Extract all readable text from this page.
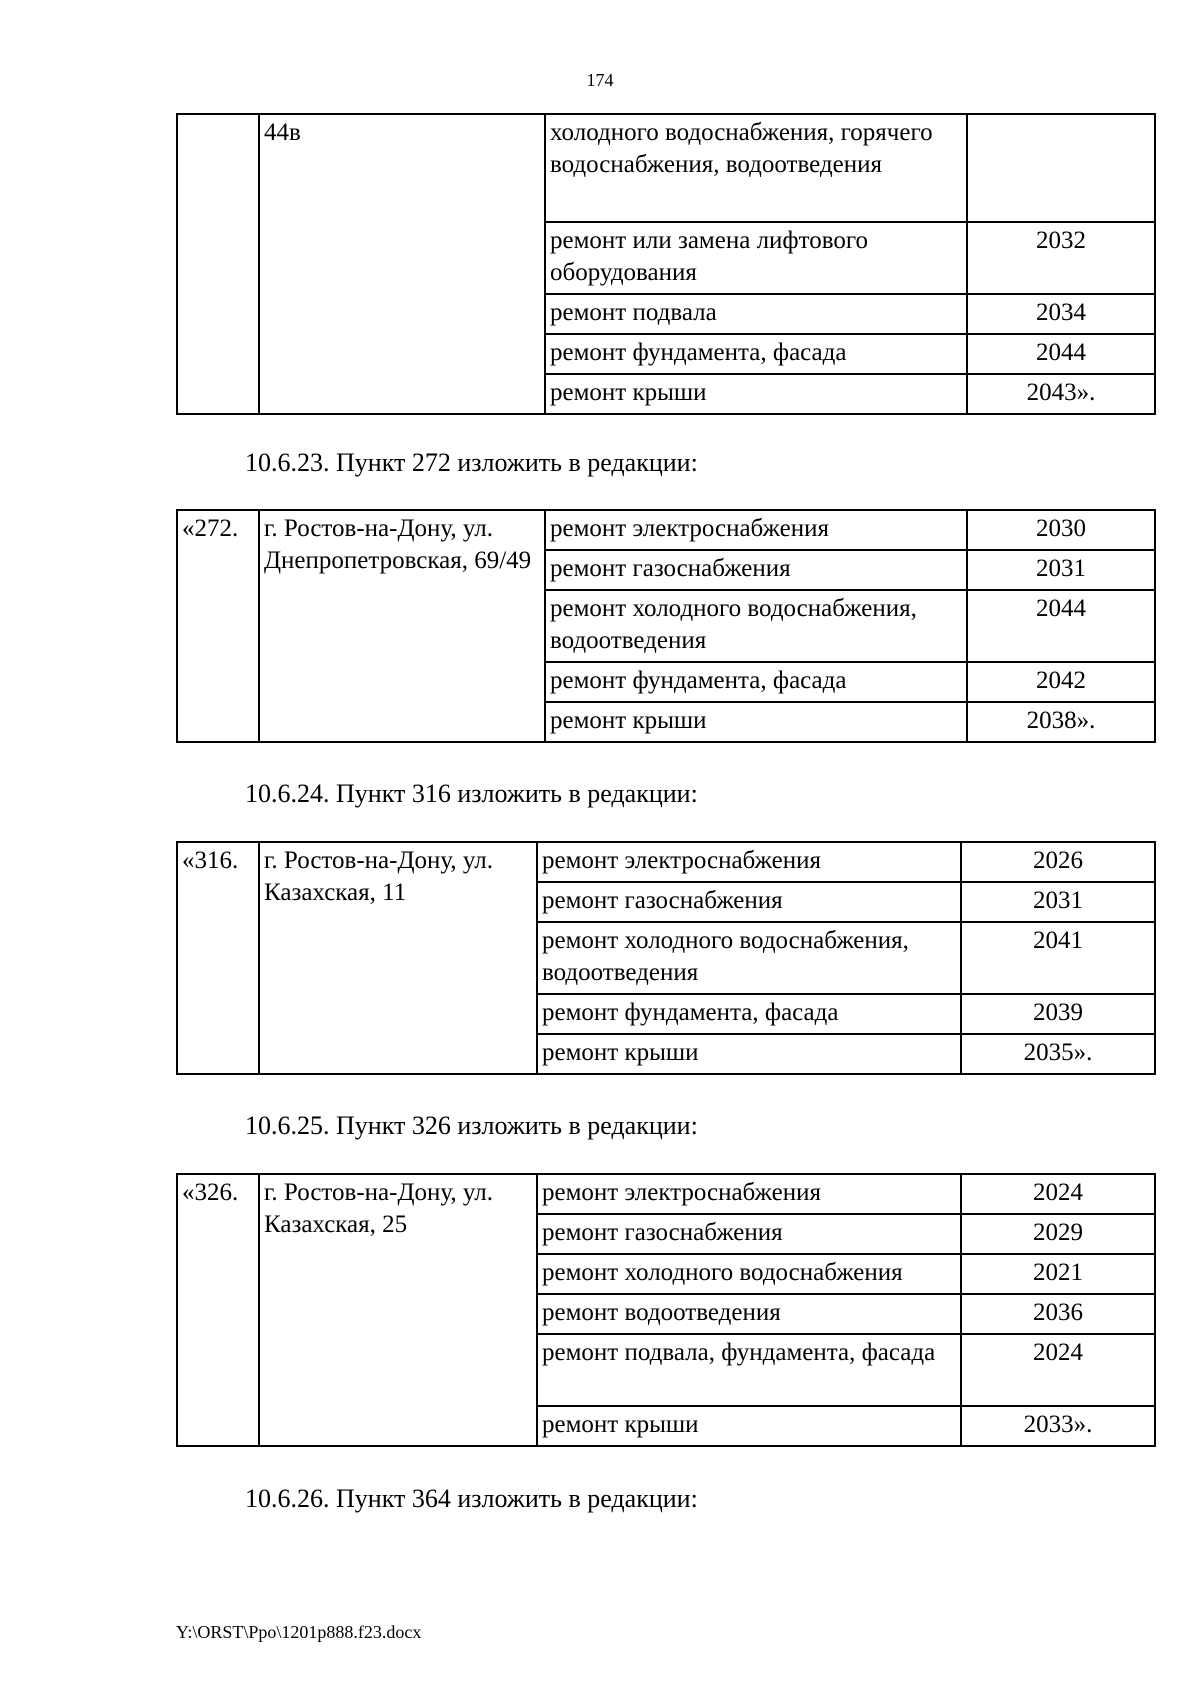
174
	44в	холодного водоснабжения, горячего водоснабжения, водоотведения	
		ремонт или замена лифтового оборудования	2032
		ремонт подвала	2034
		ремонт фундамента, фасада	2044
		ремонт крыши	2043».
10.6.23. Пункт 272 изложить в редакции:
«272.	г. Ростов-на-Дону, ул. Днепропетровская, 69/49	ремонт электроснабжения	2030
		ремонт газоснабжения	2031
		ремонт холодного водоснабжения, водоотведения	2044
		ремонт фундамента, фасада	2042
		ремонт крыши	2038».
10.6.24. Пункт 316 изложить в редакции:
«316.	г. Ростов-на-Дону, ул. Казахская, 11	ремонт электроснабжения	2026
		ремонт газоснабжения	2031
		ремонт холодного водоснабжения, водоотведения	2041
		ремонт фундамента, фасада	2039
		ремонт крыши	2035».
10.6.25. Пункт 326 изложить в редакции:
«326.	г. Ростов-на-Дону, ул. Казахская, 25	ремонт электроснабжения	2024
		ремонт газоснабжения	2029
		ремонт холодного водоснабжения	2021
		ремонт водоотведения	2036
		ремонт подвала, фундамента, фасада	2024
		ремонт крыши	2033».
10.6.26. Пункт 364 изложить в редакции:
Y:\ORST\Ppo\1201p888.f23.docx
